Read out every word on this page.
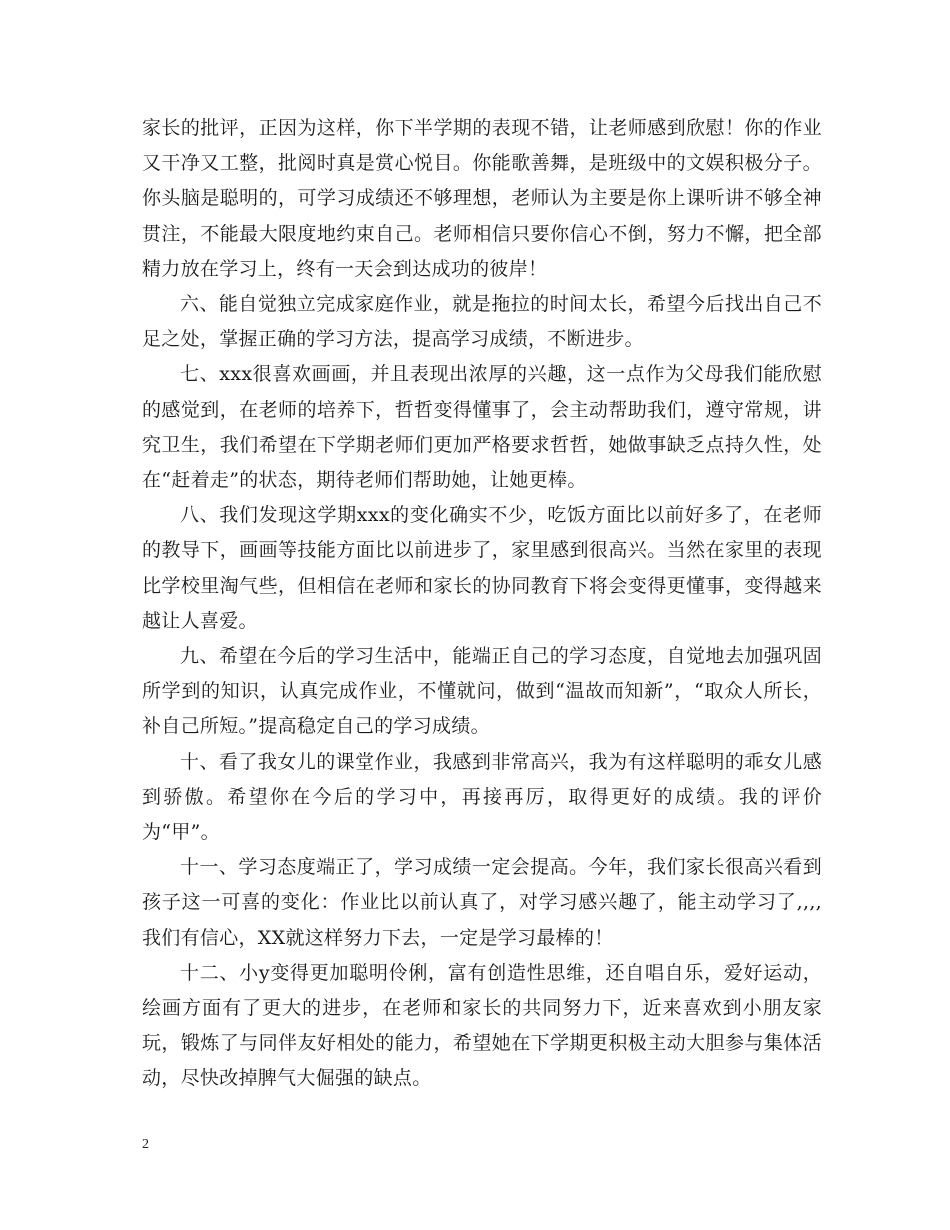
家长的批评，正因为这样，你下半学期的表现不错，让老师感到欣慰！你的作业又干净又工整，批阅时真是赏心悦目。你能歌善舞，是班级中的文娱积极分子。你头脑是聪明的，可学习成绩还不够理想，老师认为主要是你上课听讲不够全神贯注，不能最大限度地约束自己。老师相信只要你信心不倒，努力不懈，把全部精力放在学习上，终有一天会到达成功的彼岸！

六、能自觉独立完成家庭作业，就是拖拉的时间太长，希望今后找出自己不足之处，掌握正确的学习方法，提高学习成绩，不断进步。

七、xxx很喜欢画画，并且表现出浓厚的兴趣，这一点作为父母我们能欣慰的感觉到，在老师的培养下，哲哲变得懂事了，会主动帮助我们，遵守常规，讲究卫生，我们希望在下学期老师们更加严格要求哲哲，她做事缺乏点持久性，处在“赶着走”的状态，期待老师们帮助她，让她更棒。

八、我们发现这学期xxx的变化确实不少，吃饭方面比以前好多了，在老师的教导下，画画等技能方面比以前进步了，家里感到很高兴。当然在家里的表现比学校里淘气些，但相信在老师和家长的协同教育下将会变得更懂事，变得越来越让人喜爱。

九、希望在今后的学习生活中，能端正自己的学习态度，自觉地去加强巩固所学到的知识，认真完成作业，不懂就问，做到“温故而知新”，“取众人所长，补自己所短。”提高稳定自己的学习成绩。

十、看了我女儿的课堂作业，我感到非常高兴，我为有这样聪明的乖女儿感到骄傲。希望你在今后的学习中，再接再厉，取得更好的成绩。我的评价为“甲”。

十一、学习态度端正了，学习成绩一定会提高。今年，我们家长很高兴看到孩子这一可喜的变化：作业比以前认真了，对学习感兴趣了，能主动学习了,,,,我们有信心，XX就这样努力下去，一定是学习最棒的！

十二、小y变得更加聪明伶俐，富有创造性思维，还自唱自乐，爱好运动，绘画方面有了更大的进步，在老师和家长的共同努力下，近来喜欢到小朋友家玩，锻炼了与同伴友好相处的能力，希望她在下学期更积极主动大胆参与集体活动，尽快改掉脾气大倔强的缺点。

2
